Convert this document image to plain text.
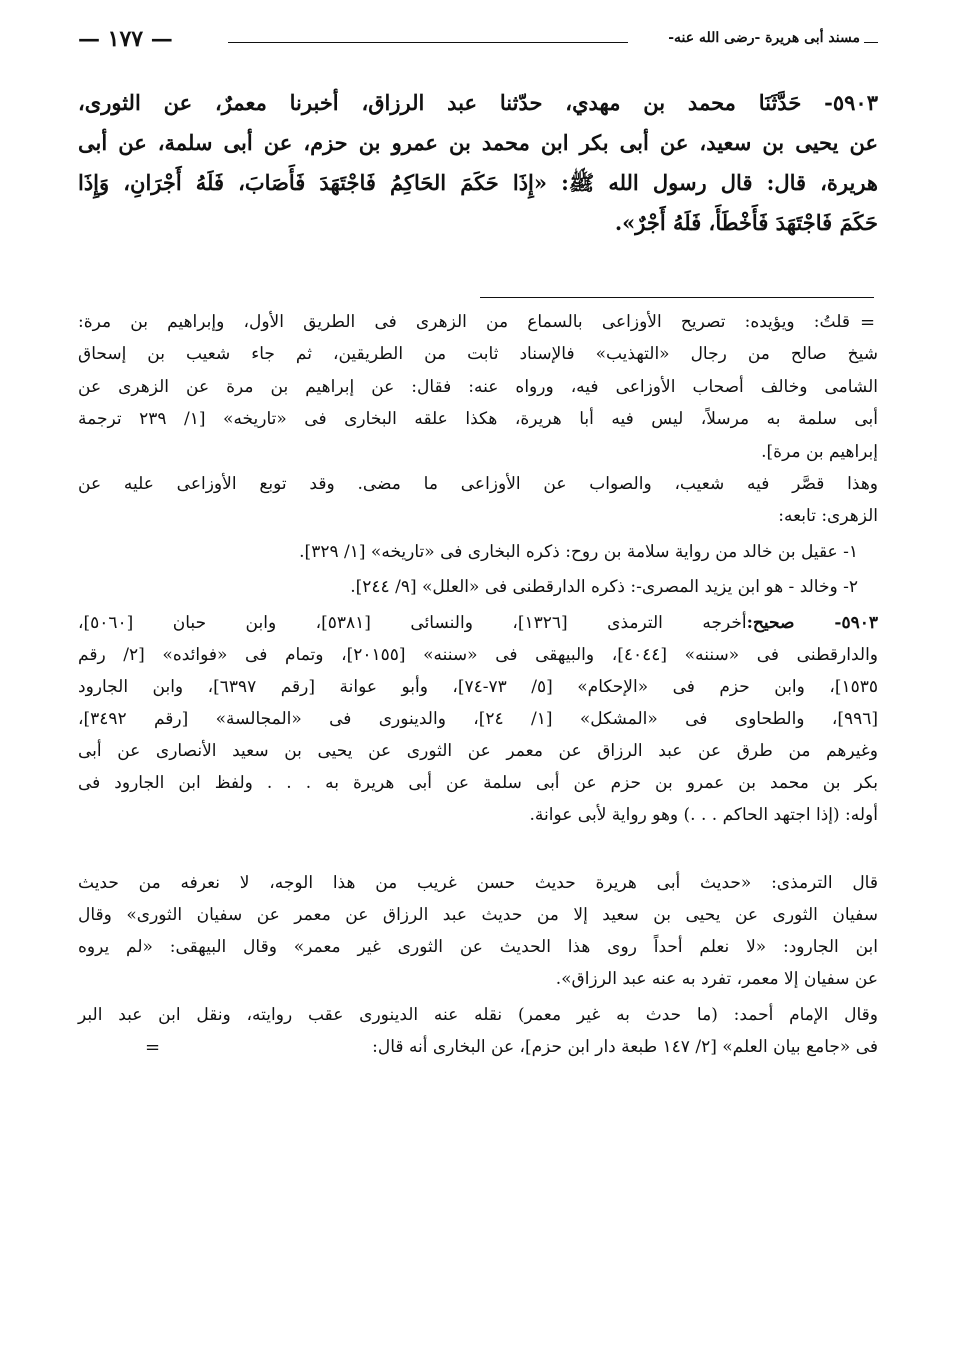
مسند أبى هريرة -رضى الله عنه-
— ١٧٧ —
٥٩٠٣- حَدَّثَنَا محمد بن مهدي، حدّثنا عبد الرزاق، أخبرنا معمرٌ، عن الثورى،
عن يحيى بن سعيد، عن أبى بكر ابن محمد بن عمرو بن حزم، عن أبى سلمة، عن أبى
هريرة، قال: قال رسول الله ﷺ: «إِذَا حَكَمَ الحَاكِمُ فَاجْتَهَدَ فَأَصَابَ، فَلَهُ أَجْرَانِ، وَإِذَا
حَكَمَ فَاجْتَهَدَ فَأَخْطَأَ، فَلَهُ أَجْرٌ».
=
قلتُ: ويؤيده: تصريح الأوزاعى بالسماع من الزهرى فى الطريق الأول، وإبراهيم بن مرة:
شيخ صالح من رجال «التهذيب» فالإسناد ثابت من الطريقين، ثم جاء شعيب بن إسحاق
الشامى وخالف أصحاب الأوزاعى فيه، ورواه عنه: فقال: عن إبراهيم بن مرة عن الزهرى عن
أبى سلمة به مرسلاً، ليس فيه أبا هريرة، هكذا علقه البخارى فى «تاريخه» [١/ ٢٣٩ ترجمة
إبراهيم بن مرة].
وهذا قصَّر فيه شعيب، والصواب عن الأوزاعى ما مضى. وقد توبع الأوزاعى عليه عن
الزهرى: تابعه:
١- عقيل بن خالد من رواية سلامة بن روح: ذكره البخارى فى «تاريخه» [١/ ٣٢٩].
٢- وخالد - هو ابن يزيد المصرى-: ذكره الدارقطنى فى «العلل» [٩/ ٢٤٤].
٥٩٠٣- صحيح:أخرجه الترمذى [١٣٢٦]، والنسائى [٥٣٨١]، وابن حبان [٥٠٦٠]،
والدارقطنى فى «سننه» [٤٠٤٤]، والبيهقى فى «سننه» [٢٠١٥٥]، وتمام فى «فوائده» [٢/ رقم
١٥٣٥]، وابن حزم فى «الإحكام» [٥/ ٧٣-٧٤]، وأبو عوانة [رقم ٦٣٩٧]، وابن الجارود
[٩٩٦]، والطحاوى فى «المشكل» [١/ ٢٤]، والدينورى فى «المجالسة» [رقم ٣٤٩٢]،
وغيرهم من طرق عن عبد الرزاق عن معمر عن الثورى عن يحيى بن سعيد الأنصارى عن أبى
بكر بن محمد بن عمرو بن حزم عن أبى سلمة عن أبى هريرة به . . . ولفظ ابن الجارود فى
أوله: (إذا اجتهد الحاكم . . .) وهو رواية لأبى عوانة.
قال الترمذى: «حديث أبى هريرة حديث حسن غريب من هذا الوجه، لا نعرفه من حديث
سفيان الثورى عن يحيى بن سعيد إلا من حديث عبد الرزاق عن معمر عن سفيان الثورى» وقال
ابن الجارود: «لا نعلم أحداً روى هذا الحديث عن الثورى غير معمر» وقال البيهقى: «لم يروه
عن سفيان إلا معمر، تفرد به عنه عبد الرزاق».
وقال الإمام أحمد: (ما حدث به غير معمر) نقله عنه الدينورى عقب روايته، ونقل ابن عبد البر
فى «جامع بيان العلم» [٢/ ١٤٧ طبعة دار ابن حزم]، عن البخارى أنه قال:
=
